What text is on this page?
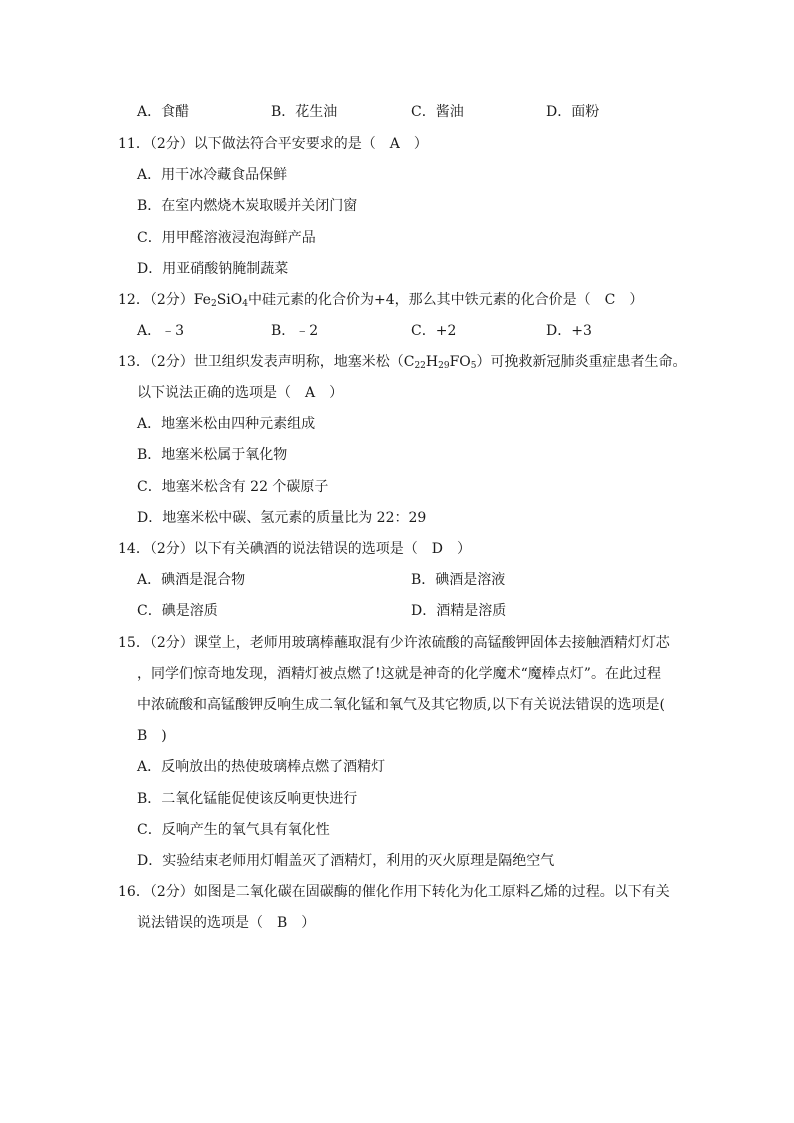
A．食醋	B．花生油	C．酱油	D．面粉
11．（2分）以下做法符合平安要求的是（　A　）
A．用干冰冷藏食品保鲜
B．在室内燃烧木炭取暖并关闭门窗
C．用甲醛溶液浸泡海鲜产品
D．用亚硝酸钠腌制蔬菜
12．（2分）$Fe_2SiO_4$中硅元素的化合价为+4，那么其中铁元素的化合价是（　C　）
A．﹣3	B．﹣2	C．+2	D．+3
13．（2分）世卫组织发表声明称，地塞米松$(C_{22}H_{29}FO_5)$可挽救新冠肺炎重症患者生命。
以下说法正确的选项是（　A　）
A．地塞米松由四种元素组成
B．地塞米松属于氧化物
C．地塞米松含有 22 个碳原子
D．地塞米松中碳、氢元素的质量比为 22：29
14．（2分）以下有关碘酒的说法错误的选项是（　D　）
A．碘酒是混合物	B．碘酒是溶液
C．碘是溶质	D．酒精是溶质
15．（2分）课堂上，老师用玻璃棒蘸取混有少许浓硫酸的高锰酸钾固体去接触酒精灯灯芯
，同学们惊奇地发现，酒精灯被点燃了!这就是神奇的化学魔术“魔棒点灯”。在此过程
中浓硫酸和高锰酸钾反响生成二氧化锰和氧气及其它物质,以下有关说法错误的选项是(
B　)
A．反响放出的热使玻璃棒点燃了酒精灯
B．二氧化锰能促使该反响更快进行
C．反响产生的氧气具有氧化性
D．实验结束老师用灯帽盖灭了酒精灯，利用的灭火原理是隔绝空气
16．（2分）如图是二氧化碳在固碳酶的催化作用下转化为化工原料乙烯的过程。以下有关
说法错误的选项是（　B　）
